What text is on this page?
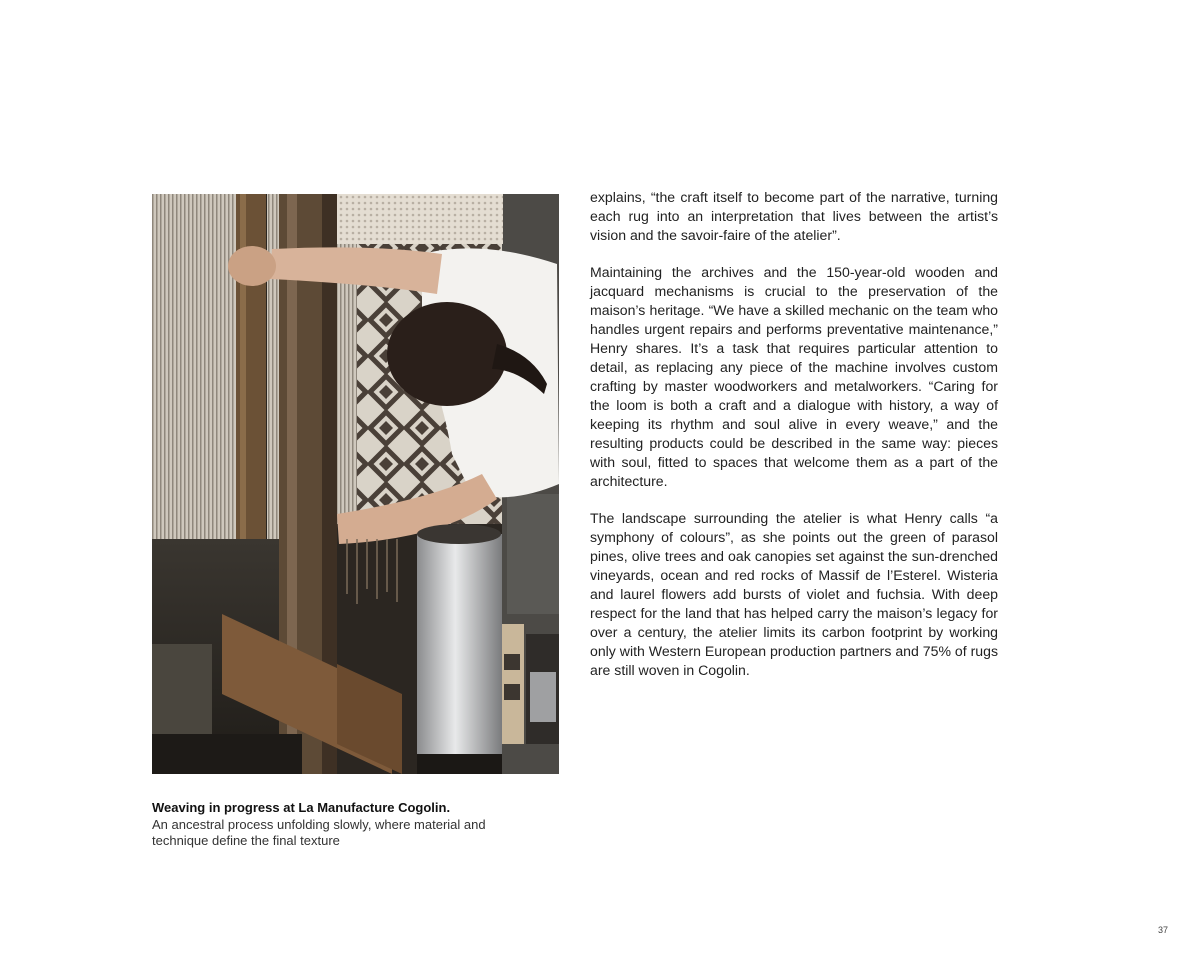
Weaving in progress at La Manufacture Cogolin.
An ancestral process unfolding slowly, where material and technique define the final texture

explains, “the craft itself to become part of the narrative, turning each rug into an interpretation that lives between the artist’s vision and the savoir-faire of the atelier”.

Maintaining the archives and the 150-year-old wooden and jacquard mechanisms is crucial to the preservation of the maison’s heritage. “We have a skilled mechanic on the team who handles urgent repairs and performs preventative maintenance,” Henry shares. It’s a task that requires particular attention to detail, as replacing any piece of the machine involves custom crafting by master woodworkers and metalworkers. “Caring for the loom is both a craft and a dialogue with history, a way of keeping its rhythm and soul alive in every weave,” and the resulting products could be described in the same way: pieces with soul, fitted to spaces that welcome them as a part of the architecture.

The landscape surrounding the atelier is what Henry calls “a symphony of colours”, as she points out the green of parasol pines, olive trees and oak canopies set against the sun-drenched vineyards, ocean and red rocks of Massif de l’Esterel. Wisteria and laurel flowers add bursts of violet and fuchsia. With deep respect for the land that has helped carry the maison’s legacy for over a century, the atelier limits its carbon footprint by working only with Western European production partners and 75% of rugs are still woven in Cogolin.

37
